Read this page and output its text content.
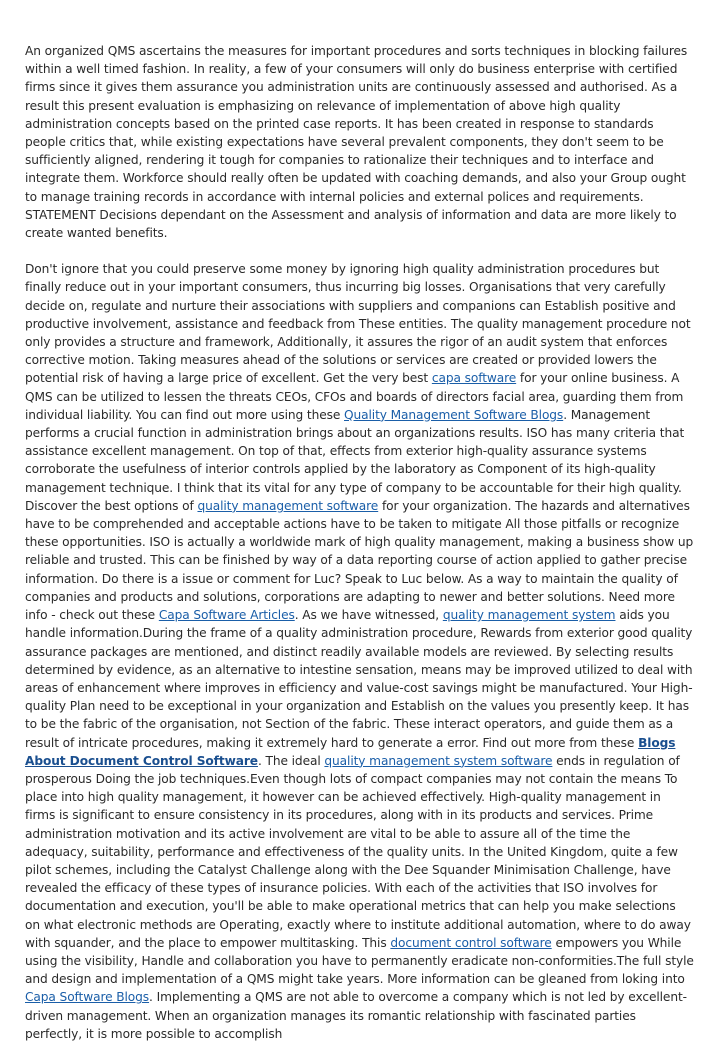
An organized QMS ascertains the measures for important procedures and sorts techniques in blocking failures within a well timed fashion. In reality, a few of your consumers will only do business enterprise with certified firms since it gives them assurance you administration units are continuously assessed and authorised. As a result this present evaluation is emphasizing on relevance of implementation of above high quality administration concepts based on the printed case reports. It has been created in response to standards people critics that, while existing expectations have several prevalent components, they don't seem to be sufficiently aligned, rendering it tough for companies to rationalize their techniques and to interface and integrate them. Workforce should really often be updated with coaching demands, and also your Group ought to manage training records in accordance with internal policies and external polices and requirements. STATEMENT Decisions dependant on the Assessment and analysis of information and data are more likely to create wanted benefits.

Don't ignore that you could preserve some money by ignoring high quality administration procedures but finally reduce out in your important consumers, thus incurring big losses. Organisations that very carefully decide on, regulate and nurture their associations with suppliers and companions can Establish positive and productive involvement, assistance and feedback from These entities. The quality management procedure not only provides a structure and framework, Additionally, it assures the rigor of an audit system that enforces corrective motion. Taking measures ahead of the solutions or services are created or provided lowers the potential risk of having a large price of excellent. Get the very best capa software for your online business. A QMS can be utilized to lessen the threats CEOs, CFOs and boards of directors facial area, guarding them from individual liability. You can find out more using these Quality Management Software Blogs. Management performs a crucial function in administration brings about an organizations results. ISO has many criteria that assistance excellent management. On top of that, effects from exterior high-quality assurance systems corroborate the usefulness of interior controls applied by the laboratory as Component of its high-quality management technique. I think that its vital for any type of company to be accountable for their high quality. Discover the best options of quality management software for your organization. The hazards and alternatives have to be comprehended and acceptable actions have to be taken to mitigate All those pitfalls or recognize these opportunities. ISO is actually a worldwide mark of high quality management, making a business show up reliable and trusted. This can be finished by way of a data reporting course of action applied to gather precise information. Do there is a issue or comment for Luc? Speak to Luc below. As a way to maintain the quality of companies and products and solutions, corporations are adapting to newer and better solutions. Need more info - check out these Capa Software Articles. As we have witnessed, quality management system aids you handle information.During the frame of a quality administration procedure, Rewards from exterior good quality assurance packages are mentioned, and distinct readily available models are reviewed. By selecting results determined by evidence, as an alternative to intestine sensation, means may be improved utilized to deal with areas of enhancement where improves in efficiency and value-cost savings might be manufactured. Your High-quality Plan need to be exceptional in your organization and Establish on the values you presently keep. It has to be the fabric of the organisation, not Section of the fabric. These interact operators, and guide them as a result of intricate procedures, making it extremely hard to generate a error. Find out more from these Blogs About Document Control Software. The ideal quality management system software ends in regulation of prosperous Doing the job techniques.Even though lots of compact companies may not contain the means To place into high quality management, it however can be achieved effectively. High-quality management in firms is significant to ensure consistency in its procedures, along with in its products and services. Prime administration motivation and its active involvement are vital to be able to assure all of the time the adequacy, suitability, performance and effectiveness of the quality units. In the United Kingdom, quite a few pilot schemes, including the Catalyst Challenge along with the Dee Squander Minimisation Challenge, have revealed the efficacy of these types of insurance policies. With each of the activities that ISO involves for documentation and execution, you'll be able to make operational metrics that can help you make selections on what electronic methods are Operating, exactly where to institute additional automation, where to do away with squander, and the place to empower multitasking. This document control software empowers you While using the visibility, Handle and collaboration you have to permanently eradicate non-conformities.The full style and design and implementation of a QMS might take years. More information can be gleaned from loking into Capa Software Blogs. Implementing a QMS are not able to overcome a company which is not led by excellent-driven management. When an organization manages its romantic relationship with fascinated parties perfectly, it is more possible to accomplish
